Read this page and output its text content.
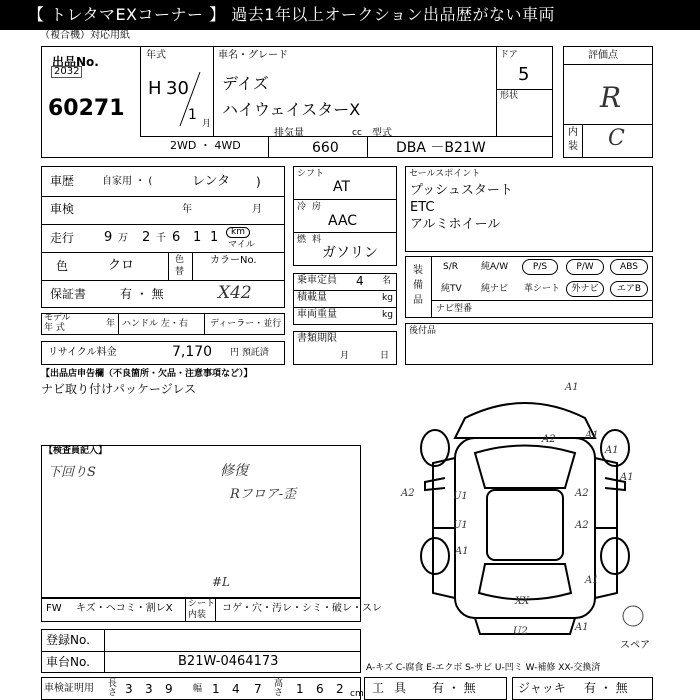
【 トレタマEXコーナー 】 過去1年以上オークション出品歴がない車両
（複合機）対応用紙
出品No.
2032
60271
年式
H 30
1
月
車名・グレード
デイズ
ハイウェイスターX
ドア
5
形状
2WD ・ 4WD
排気量	cc
660
型式
DBA －B21W
評価点
R
内
装 C
車歴	自家用 ・ (	レンタ )
車検	年	月
走行 9 万 2 千 6 1 1	km
マイル
色	クロ	色
替
カラーNo.
保証書	有 ・ 無	X42
モデル
年 式	年 ハンドル 左・右 ディーラー・並行
リサイクル料金	7,170 円 預託済
シフト
AT
冷 房
AAC
燃 料
ガソリン
乗車定員 4 名
積載量	kg
車両重量	kg
書類期限
月	日
セールスポイント
プッシュスタート
ETC
アルミホイール
装
備
品
S/R	純A/W	P/S	P/W	ABS
純TV 純ナビ 革シート	外ナビ	エアB
ナビ型番
後付品
【出品店申告欄（不良箇所・欠品・注意事項など）】
ナビ取り付けパッケージレス
【検査員記入】
下回りS	修復
Rフロア-歪
#L
FW キズ・ヘコミ・割レX シート
内装
コゲ・穴・汚レ・シミ・破レ・スレ
登録No.
車台No.	B21W-0464173
車検証明用 長さ 3 3 9 幅 1 4 7 高さ 1 6 2 cm
A1
A2	A1
A1
A1
A2	U1	A2
U1	A2
A1
A1
XX
U2	A1
スペア
A-キズ C-腐食 E-エクボ S-サビ U-凹ミ W-補修 XX-交換済
工具 有 ・ 無	ジャッキ 有 ・ 無
